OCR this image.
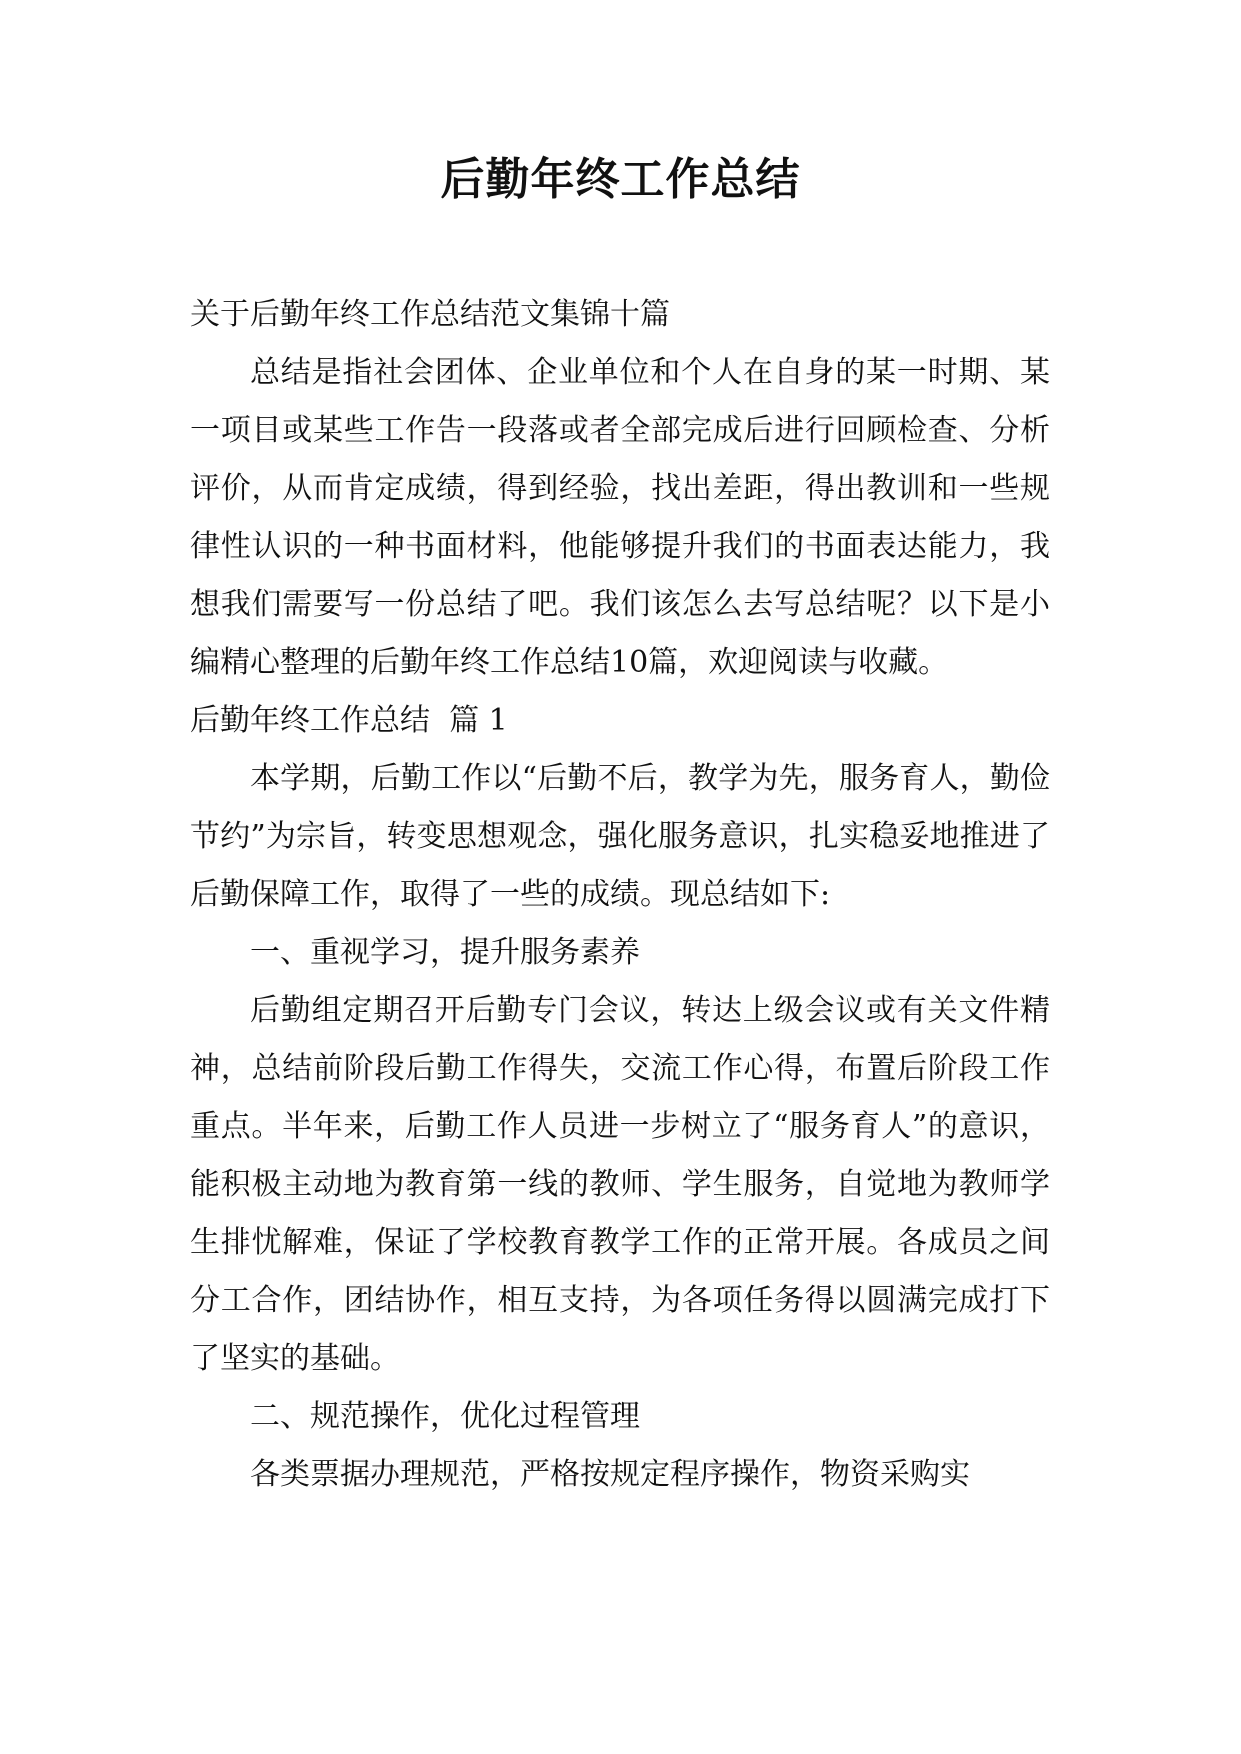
后勤年终工作总结
关于后勤年终工作总结范文集锦十篇

总结是指社会团体、企业单位和个人在自身的某一时期、某一项目或某些工作告一段落或者全部完成后进行回顾检查、分析评价，从而肯定成绩，得到经验，找出差距，得出教训和一些规律性认识的一种书面材料，他能够提升我们的书面表达能力，我想我们需要写一份总结了吧。我们该怎么去写总结呢？以下是小编精心整理的后勤年终工作总结10篇，欢迎阅读与收藏。

后勤年终工作总结  篇 1

本学期，后勤工作以“后勤不后，教学为先，服务育人，勤俭节约”为宗旨，转变思想观念，强化服务意识，扎实稳妥地推进了后勤保障工作，取得了一些的成绩。现总结如下:

一、重视学习，提升服务素养

后勤组定期召开后勤专门会议，转达上级会议或有关文件精神，总结前阶段后勤工作得失，交流工作心得，布置后阶段工作重点。半年来，后勤工作人员进一步树立了“服务育人”的意识，能积极主动地为教育第一线的教师、学生服务，自觉地为教师学生排忧解难，保证了学校教育教学工作的正常开展。各成员之间分工合作，团结协作，相互支持，为各项任务得以圆满完成打下了坚实的基础。

二、规范操作，优化过程管理

各类票据办理规范，严格按规定程序操作，物资采购实
